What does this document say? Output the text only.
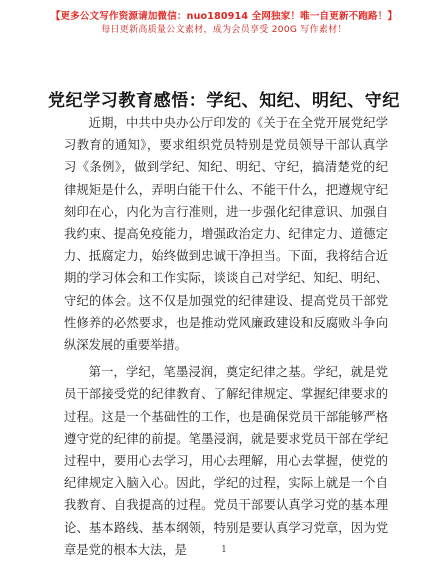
【更多公文写作资源请加微信：nuo180914 全网独家！唯一自更新不跑路！】
每日更新高质量公文素材，成为会员享受 200G 写作素材！
党纪学习教育感悟：学纪、知纪、明纪、守纪

近期，中共中央办公厅印发的《关于在全党开展党纪学习教育的通知》，要求组织党员特别是党员领导干部认真学习《条例》，做到学纪、知纪、明纪、守纪，搞清楚党的纪律规矩是什么，弄明白能干什么、不能干什么，把遵规守纪刻印在心，内化为言行准则，进一步强化纪律意识、加强自我约束、提高免疫能力，增强政治定力、纪律定力、道德定力、抵腐定力，始终做到忠诚干净担当。下面，我将结合近期的学习体会和工作实际，谈谈自己对学纪、知纪、明纪、守纪的体会。这不仅是加强党的纪律建设、提高党员干部党性修养的必然要求，也是推动党风廉政建设和反腐败斗争向纵深发展的重要举措。

第一，学纪，笔墨浸润，奠定纪律之基。学纪，就是党员干部接受党的纪律教育、了解纪律规定、掌握纪律要求的过程。这是一个基础性的工作，也是确保党员干部能够严格遵守党的纪律的前提。笔墨浸润，就是要求党员干部在学纪过程中，要用心去学习，用心去理解，用心去掌握，使党的纪律规定入脑入心。因此，学纪的过程，实际上就是一个自我教育、自我提高的过程。党员干部要认真学习党的基本理论、基本路线、基本纲领，特别是要认真学习党章，因为党章是党的根本大法，是	1
